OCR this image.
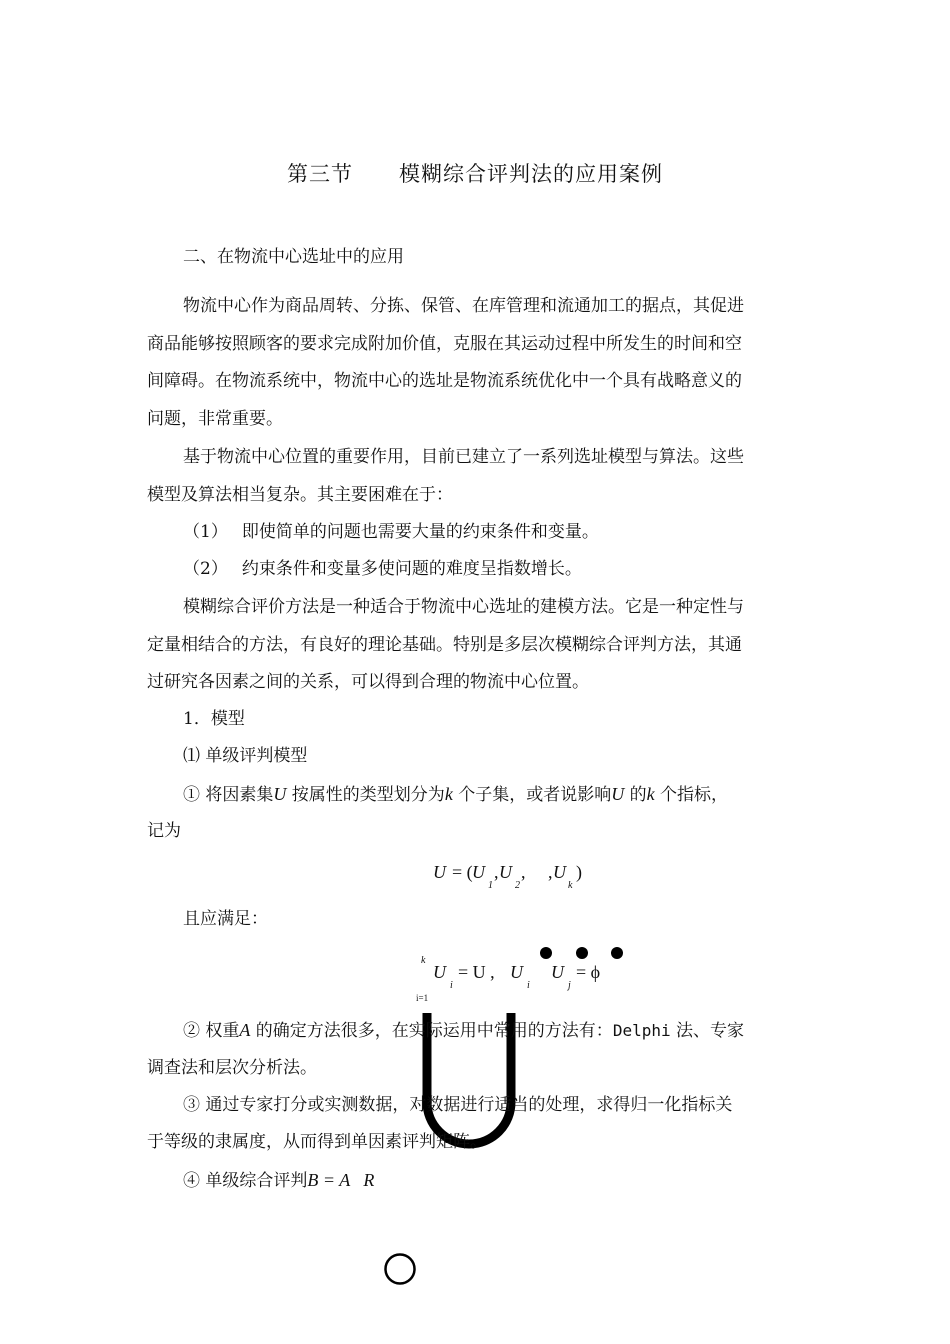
第三节 模糊综合评判法的应用案例
二、在物流中心选址中的应用
物流中心作为商品周转、分拣、保管、在库管理和流通加工的据点，其促进
商品能够按照顾客的要求完成附加价值，克服在其运动过程中所发生的时间和空
间障碍。在物流系统中，物流中心的选址是物流系统优化中一个具有战略意义的
问题，非常重要。
基于物流中心位置的重要作用，目前已建立了一系列选址模型与算法。这些
模型及算法相当复杂。其主要困难在于：
（1） 即使简单的问题也需要大量的约束条件和变量。
（2） 约束条件和变量多使问题的难度呈指数增长。
模糊综合评价方法是一种适合于物流中心选址的建模方法。它是一种定性与
定量相结合的方法，有良好的理论基础。特别是多层次模糊综合评判方法，其通
过研究各因素之间的关系，可以得到合理的物流中心位置。
1．模型
⑴ 单级评判模型
① 将因素集U 按属性的类型划分为k 个子集，或者说影响U 的k 个指标，
记为
U = ( U
1
, U
2
, , U
k
)
且应满足：
k
U
i
= U , U
i
U
j
= ϕ
i=1
② 权重A 的确定方法很多，在实际运用中常用的方法有：Delphi 法、专家
调查法和层次分析法。
③ 通过专家打分或实测数据，对数据进行适当的处理，求得归一化指标关
于等级的隶属度，从而得到单因素评判矩阵。
④ 单级综合评判B = A   R
